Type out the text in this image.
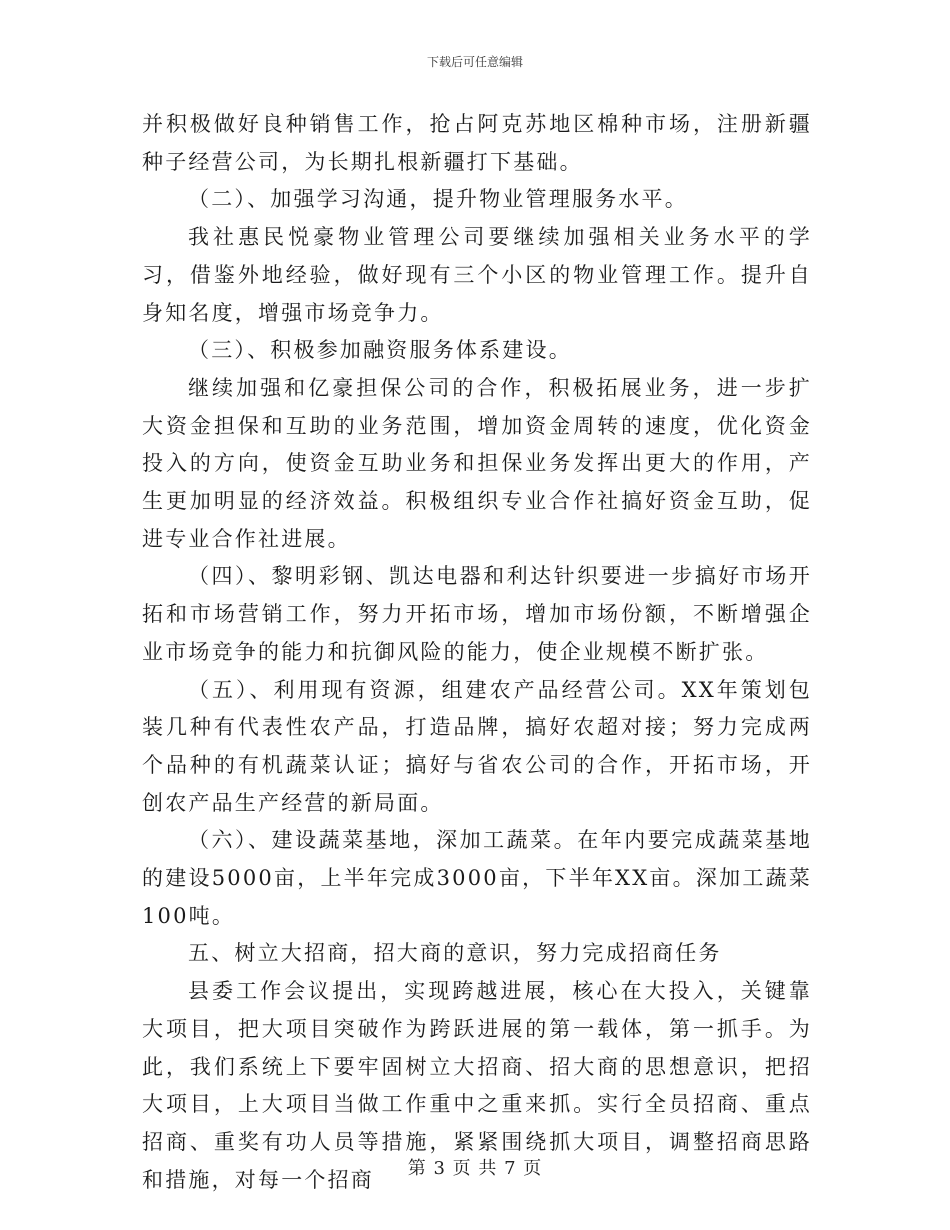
下载后可任意编辑

并积极做好良种销售工作，抢占阿克苏地区棉种市场，注册新疆种子经营公司，为长期扎根新疆打下基础。

（二）、加强学习沟通，提升物业管理服务水平。

我社惠民悦豪物业管理公司要继续加强相关业务水平的学习，借鉴外地经验，做好现有三个小区的物业管理工作。提升自身知名度，增强市场竞争力。

（三）、积极参加融资服务体系建设。

继续加强和亿豪担保公司的合作，积极拓展业务，进一步扩大资金担保和互助的业务范围，增加资金周转的速度，优化资金投入的方向，使资金互助业务和担保业务发挥出更大的作用，产生更加明显的经济效益。积极组织专业合作社搞好资金互助，促进专业合作社进展。

（四）、黎明彩钢、凯达电器和利达针织要进一步搞好市场开拓和市场营销工作，努力开拓市场，增加市场份额，不断增强企业市场竞争的能力和抗御风险的能力，使企业规模不断扩张。

（五）、利用现有资源，组建农产品经营公司。XX年策划包装几种有代表性农产品，打造品牌，搞好农超对接；努力完成两个品种的有机蔬菜认证；搞好与省农公司的合作，开拓市场，开创农产品生产经营的新局面。

（六）、建设蔬菜基地，深加工蔬菜。在年内要完成蔬菜基地的建设5000亩，上半年完成3000亩，下半年XX亩。深加工蔬菜100吨。

五、树立大招商，招大商的意识，努力完成招商任务

县委工作会议提出，实现跨越进展，核心在大投入，关键靠大项目，把大项目突破作为跨跃进展的第一载体，第一抓手。为此，我们系统上下要牢固树立大招商、招大商的思想意识，把招大项目，上大项目当做工作重中之重来抓。实行全员招商、重点招商、重奖有功人员等措施，紧紧围绕抓大项目，调整招商思路和措施，对每一个招商	第 3 页 共 7 页
